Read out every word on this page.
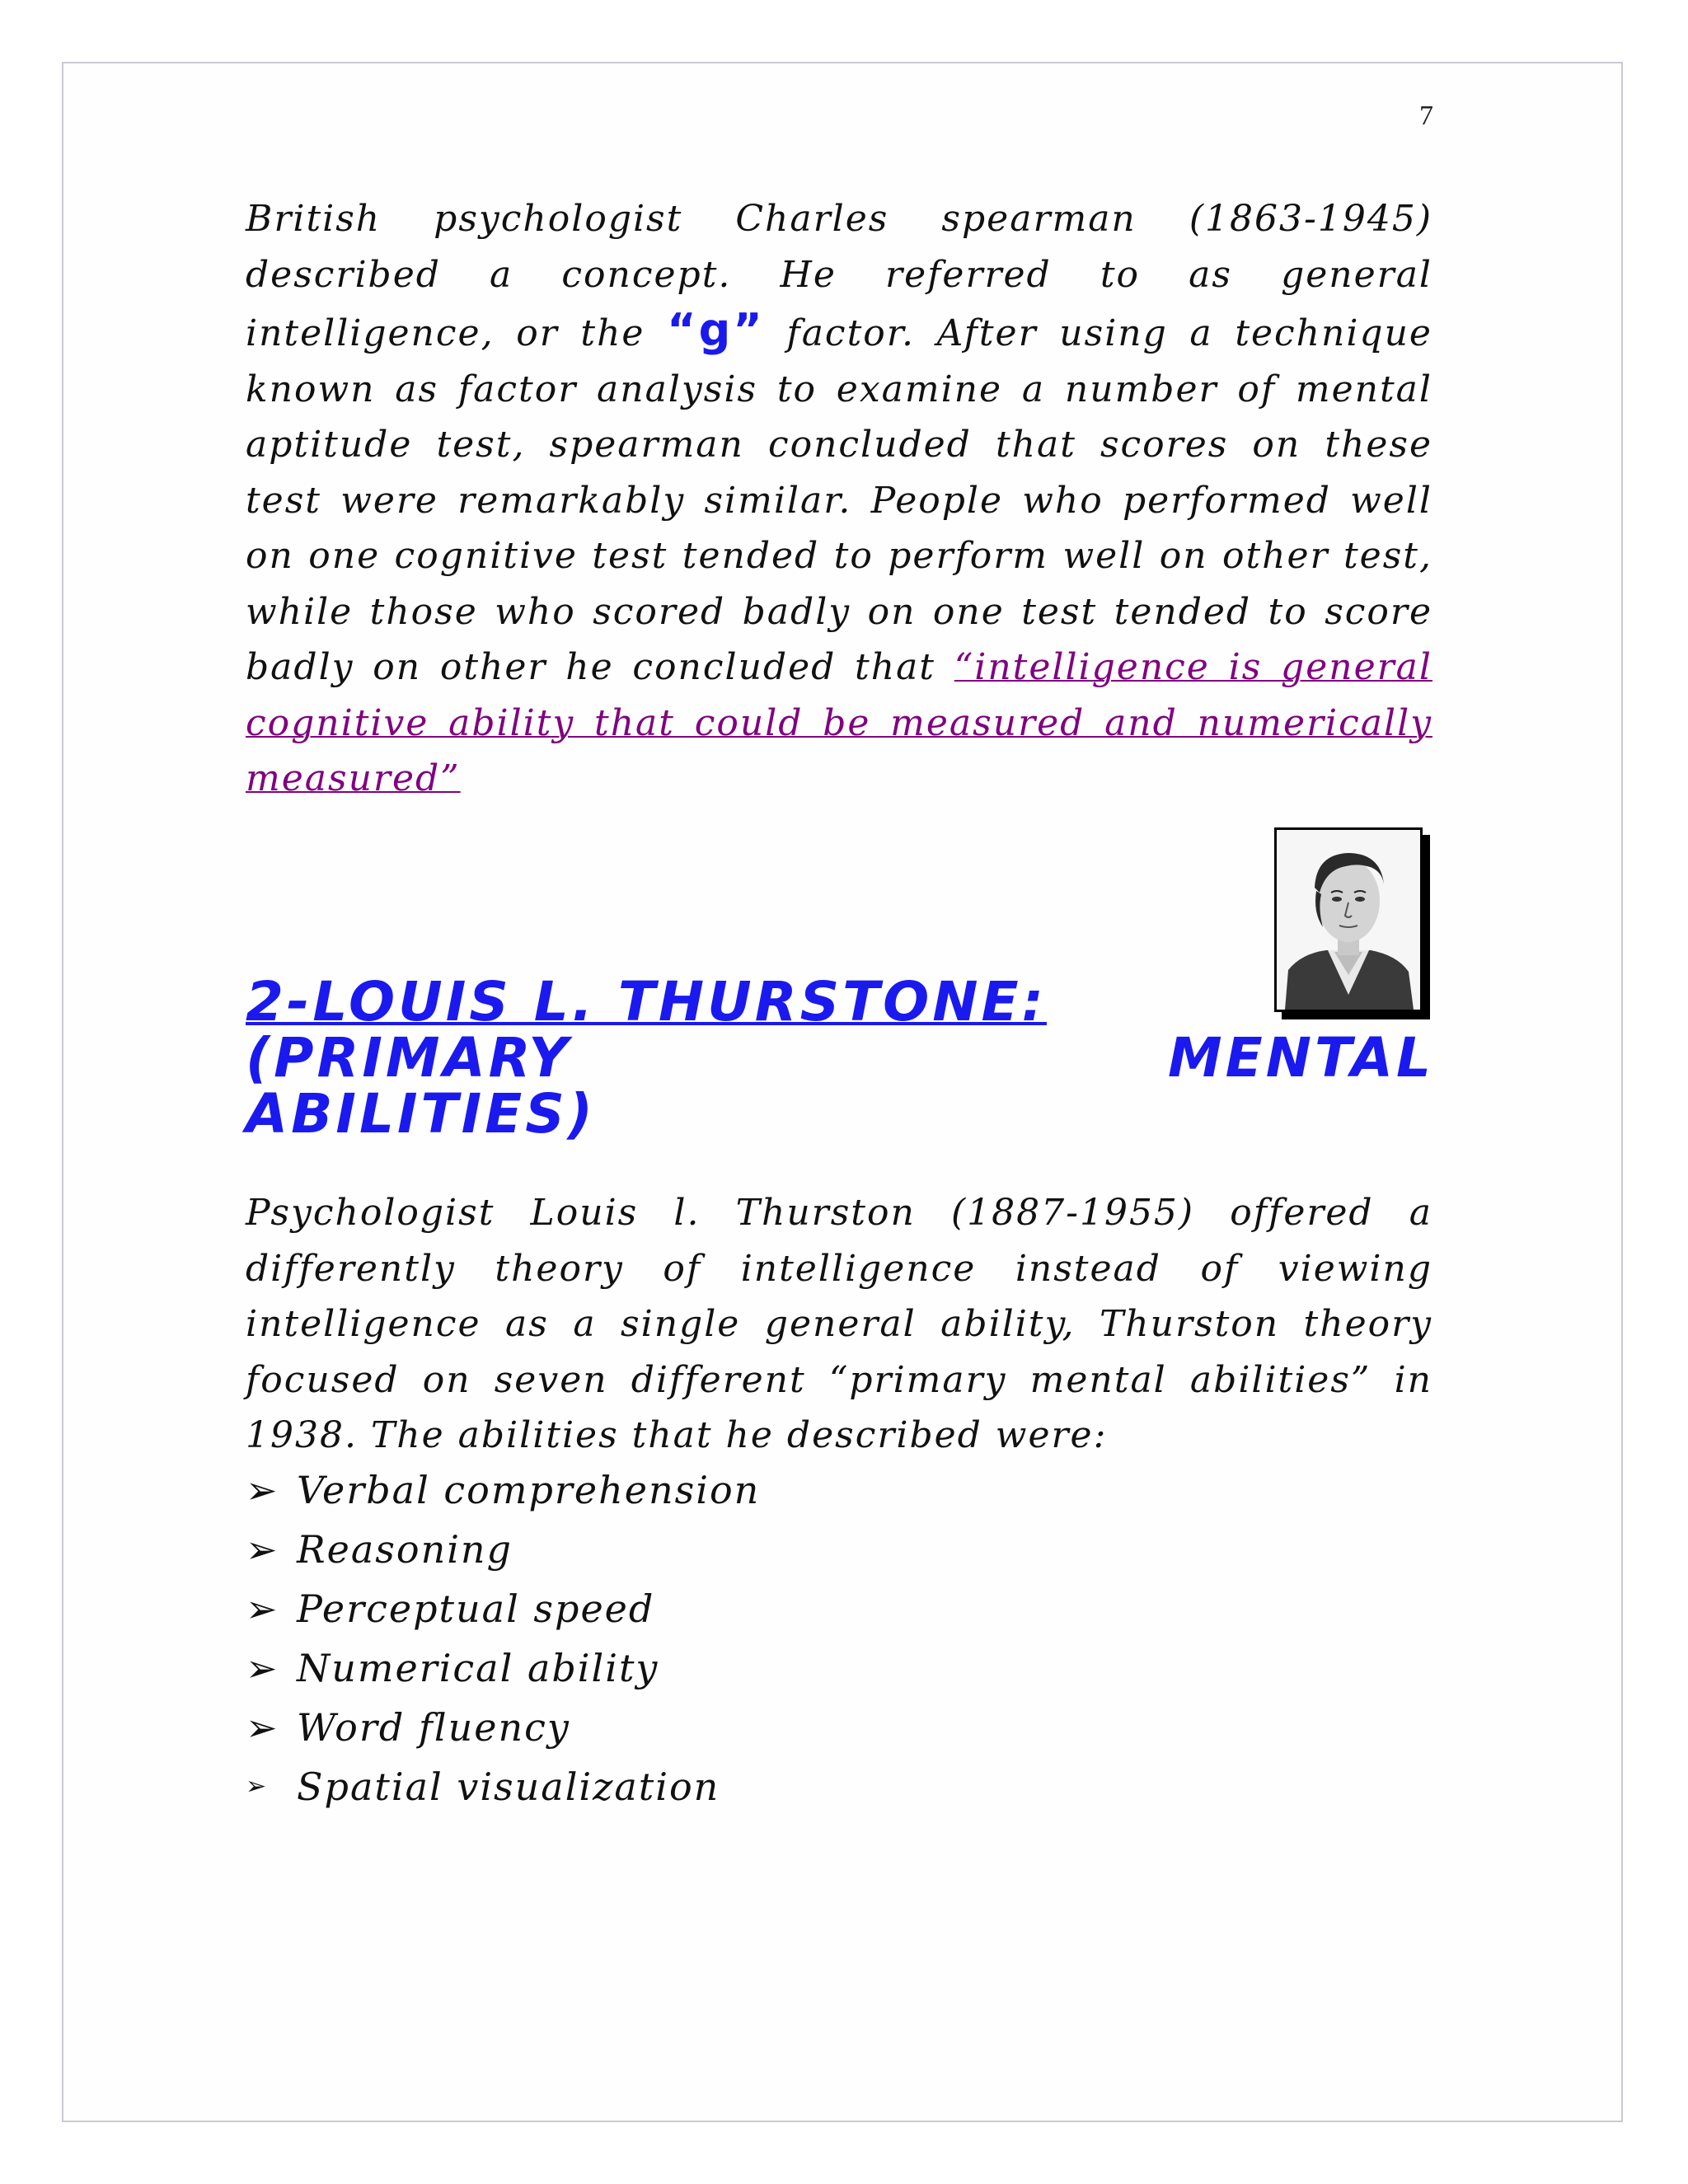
7

British psychologist Charles spearman (1863-1945) described a concept. He referred to as general intelligence, or the “g” factor. After using a technique known as factor analysis to examine a number of mental aptitude test, spearman concluded that scores on these test were remarkably similar. People who performed well on one cognitive test tended to perform well on other test, while those who scored badly on one test tended to score badly on other he concluded that “intelligence is general cognitive ability that could be measured and numerically measured”

2-LOUIS L. THURSTONE:
(PRIMARY	MENTAL
ABILITIES)

Psychologist Louis l. Thurston (1887-1955) offered a differently theory of intelligence instead of viewing intelligence as a single general ability, Thurston theory focused on seven different “primary mental abilities” in 1938. The abilities that he described were:

➢ Verbal comprehension
➢ Reasoning
➢ Perceptual speed
➢ Numerical ability
➢ Word fluency
➢ Spatial visualization
